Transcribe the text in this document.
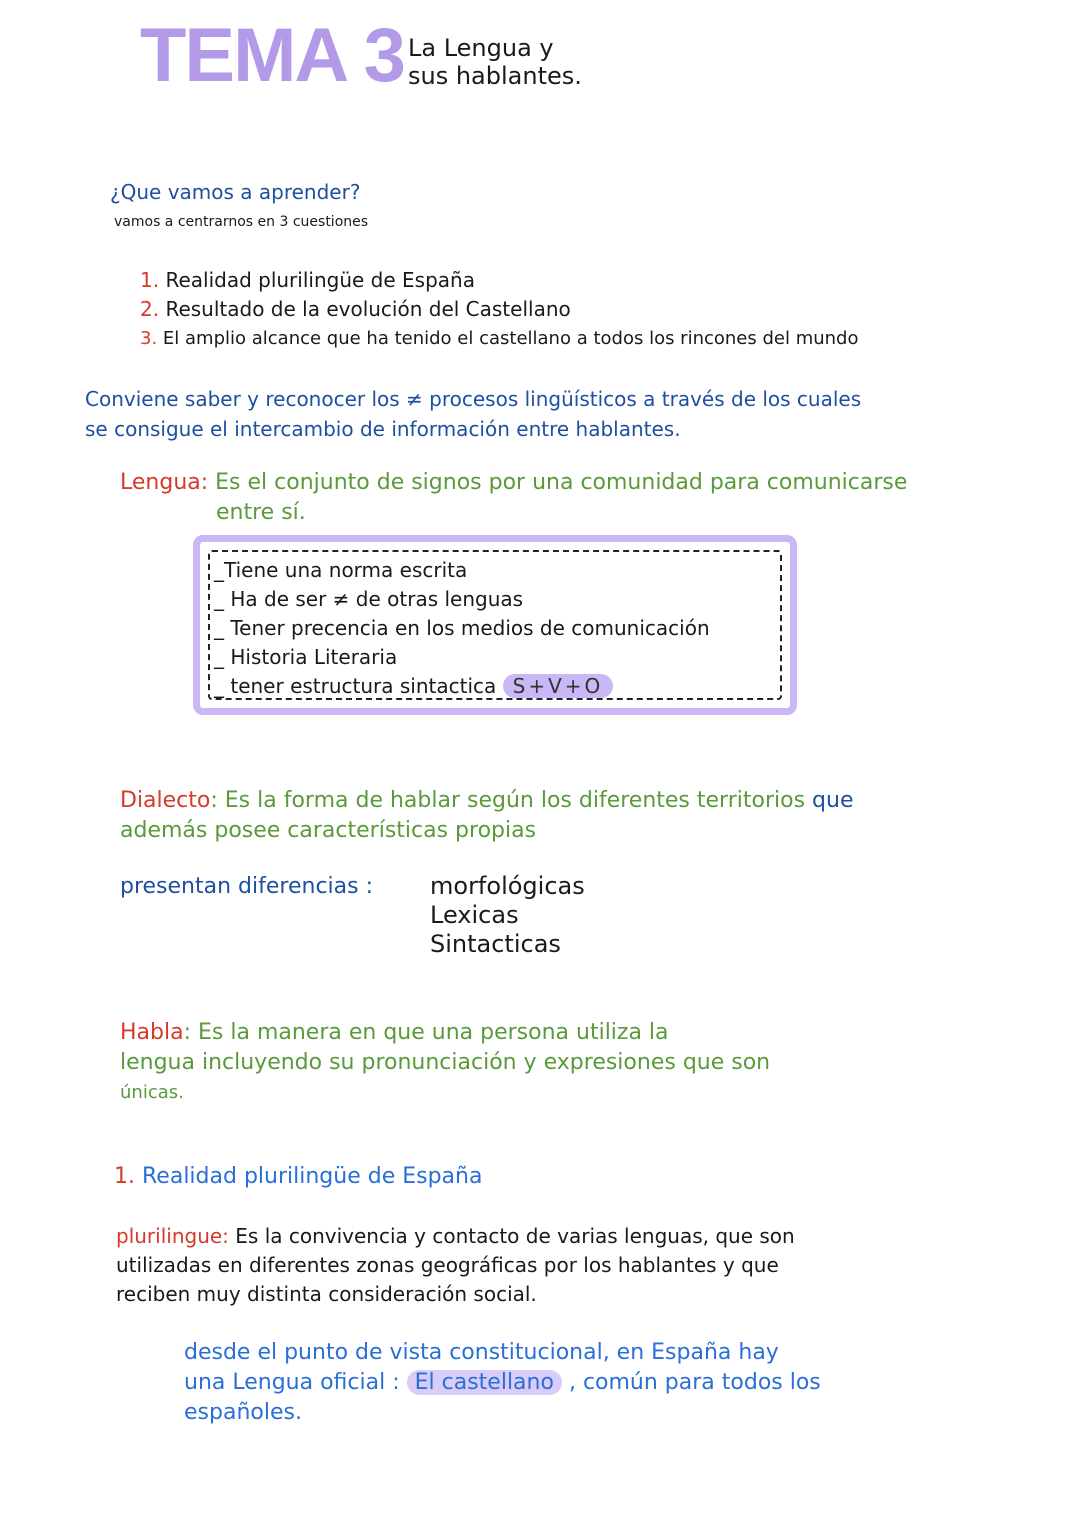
TEMA 3 La Lengua y
sus hablantes.
¿Que vamos a aprender?
vamos a centrarnos en 3 cuestiones
1. Realidad plurilingüe de España
2. Resultado de la evolución del Castellano
3. El amplio alcance que ha tenido el castellano a todos los rincones del mundo
Conviene saber y reconocer los ≠ procesos lingüísticos a través de los cuales
se consigue el intercambio de información entre hablantes.
Lengua: Es el conjunto de signos por una comunidad para comunicarse
entre sí.
_Tiene una norma escrita
_ Ha de ser ≠ de otras lenguas
_ Tener precencia en los medios de comunicación
_ Historia Literaria
_ tener estructura sintactica S+V+O
Dialecto: Es la forma de hablar según los diferentes territorios que
además posee características propias
presentan diferencias : morfológicas
Lexicas
Sintacticas
Habla: Es la manera en que una persona utiliza la
lengua incluyendo su pronunciación y expresiones que son
únicas.
1. Realidad plurilingüe de España
plurilingue: Es la convivencia y contacto de varias lenguas, que son
utilizadas en diferentes zonas geográficas por los hablantes y que
reciben muy distinta consideración social.
desde el punto de vista constitucional, en España hay
una Lengua oficial : El castellano , común para todos los
españoles.
